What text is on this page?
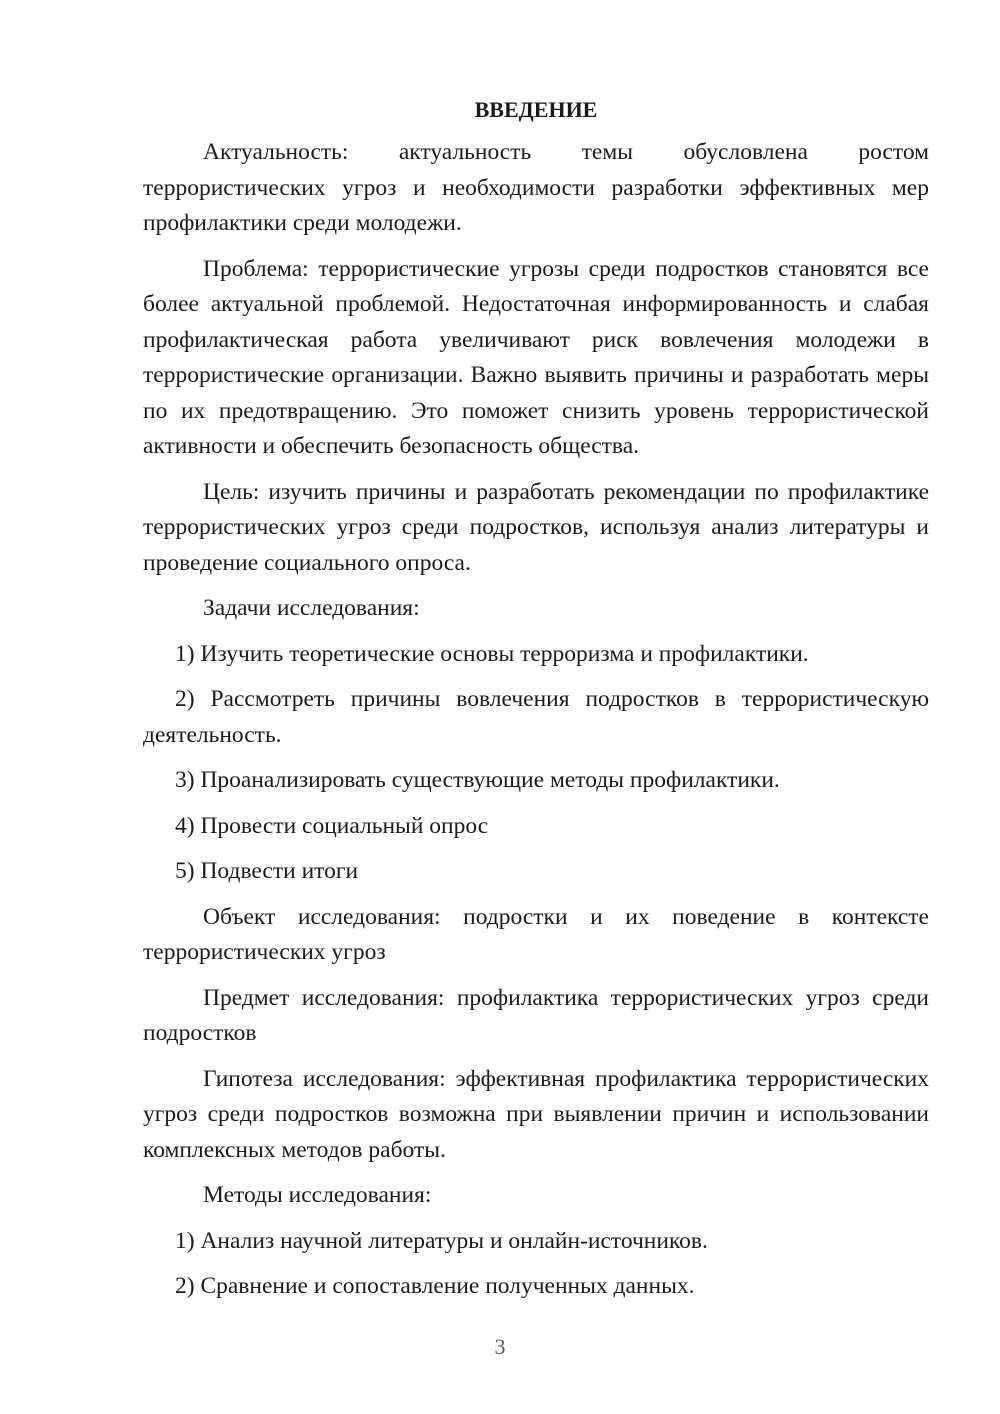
ВВЕДЕНИЕ

Актуальность: актуальность темы обусловлена ростом террористических угроз и необходимости разработки эффективных мер профилактики среди молодежи.

Проблема: террористические угрозы среди подростков становятся все более актуальной проблемой. Недостаточная информированность и слабая профилактическая работа увеличивают риск вовлечения молодежи в террористические организации. Важно выявить причины и разработать меры по их предотвращению. Это поможет снизить уровень террористической активности и обеспечить безопасность общества.

Цель: изучить причины и разработать рекомендации по профилактике террористических угроз среди подростков, используя анализ литературы и проведение социального опроса.

Задачи исследования:

1) Изучить теоретические основы терроризма и профилактики.

2) Рассмотреть причины вовлечения подростков в террористическую деятельность.

3) Проанализировать существующие методы профилактики.

4) Провести социальный опрос

5) Подвести итоги

Объект исследования: подростки и их поведение в контексте террористических угроз

Предмет исследования: профилактика террористических угроз среди подростков

Гипотеза исследования: эффективная профилактика террористических угроз среди подростков возможна при выявлении причин и использовании комплексных методов работы.

Методы исследования:

1) Анализ научной литературы и онлайн-источников.

2) Сравнение и сопоставление полученных данных.

3
